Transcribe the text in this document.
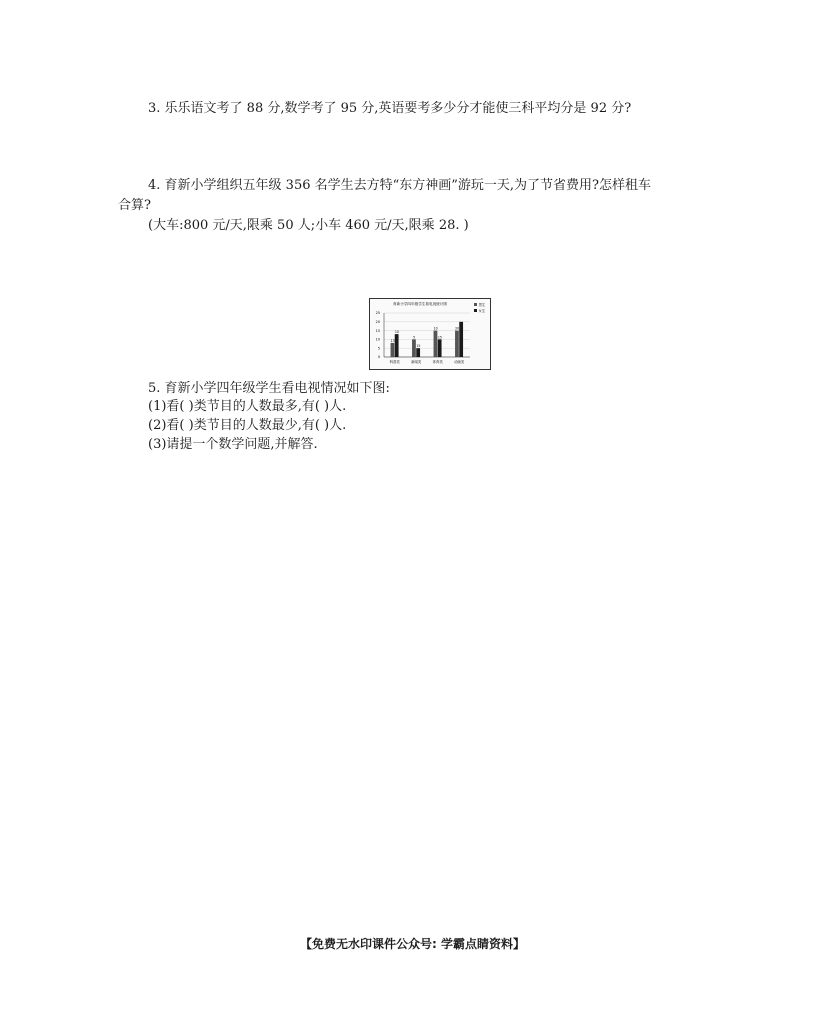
3. 乐乐语文考了 88 分,数学考了 95 分,英语要考多少分才能使三科平均分是 92 分?
4. 育新小学组织五年级 356 名学生去方特“东方神画”游玩一天,为了节省费用?怎样租车
合算?
(大车:800 元/天,限乘 50 人;小车 460 元/天,限乘 28. )
育新小学四年级学生看电视统计图	男生
女生
13
10
5
15
10
15
20
0
5
10
15
20
25
科普类	新闻类	体育类	动画类
5. 育新小学四年级学生看电视情况如下图:
(1)看( )类节目的人数最多,有( )人.
(2)看( )类节目的人数最少,有( )人.
(3)请提一个数学问题,并解答.
【免费无水印课件公众号: 学霸点睛资料】
